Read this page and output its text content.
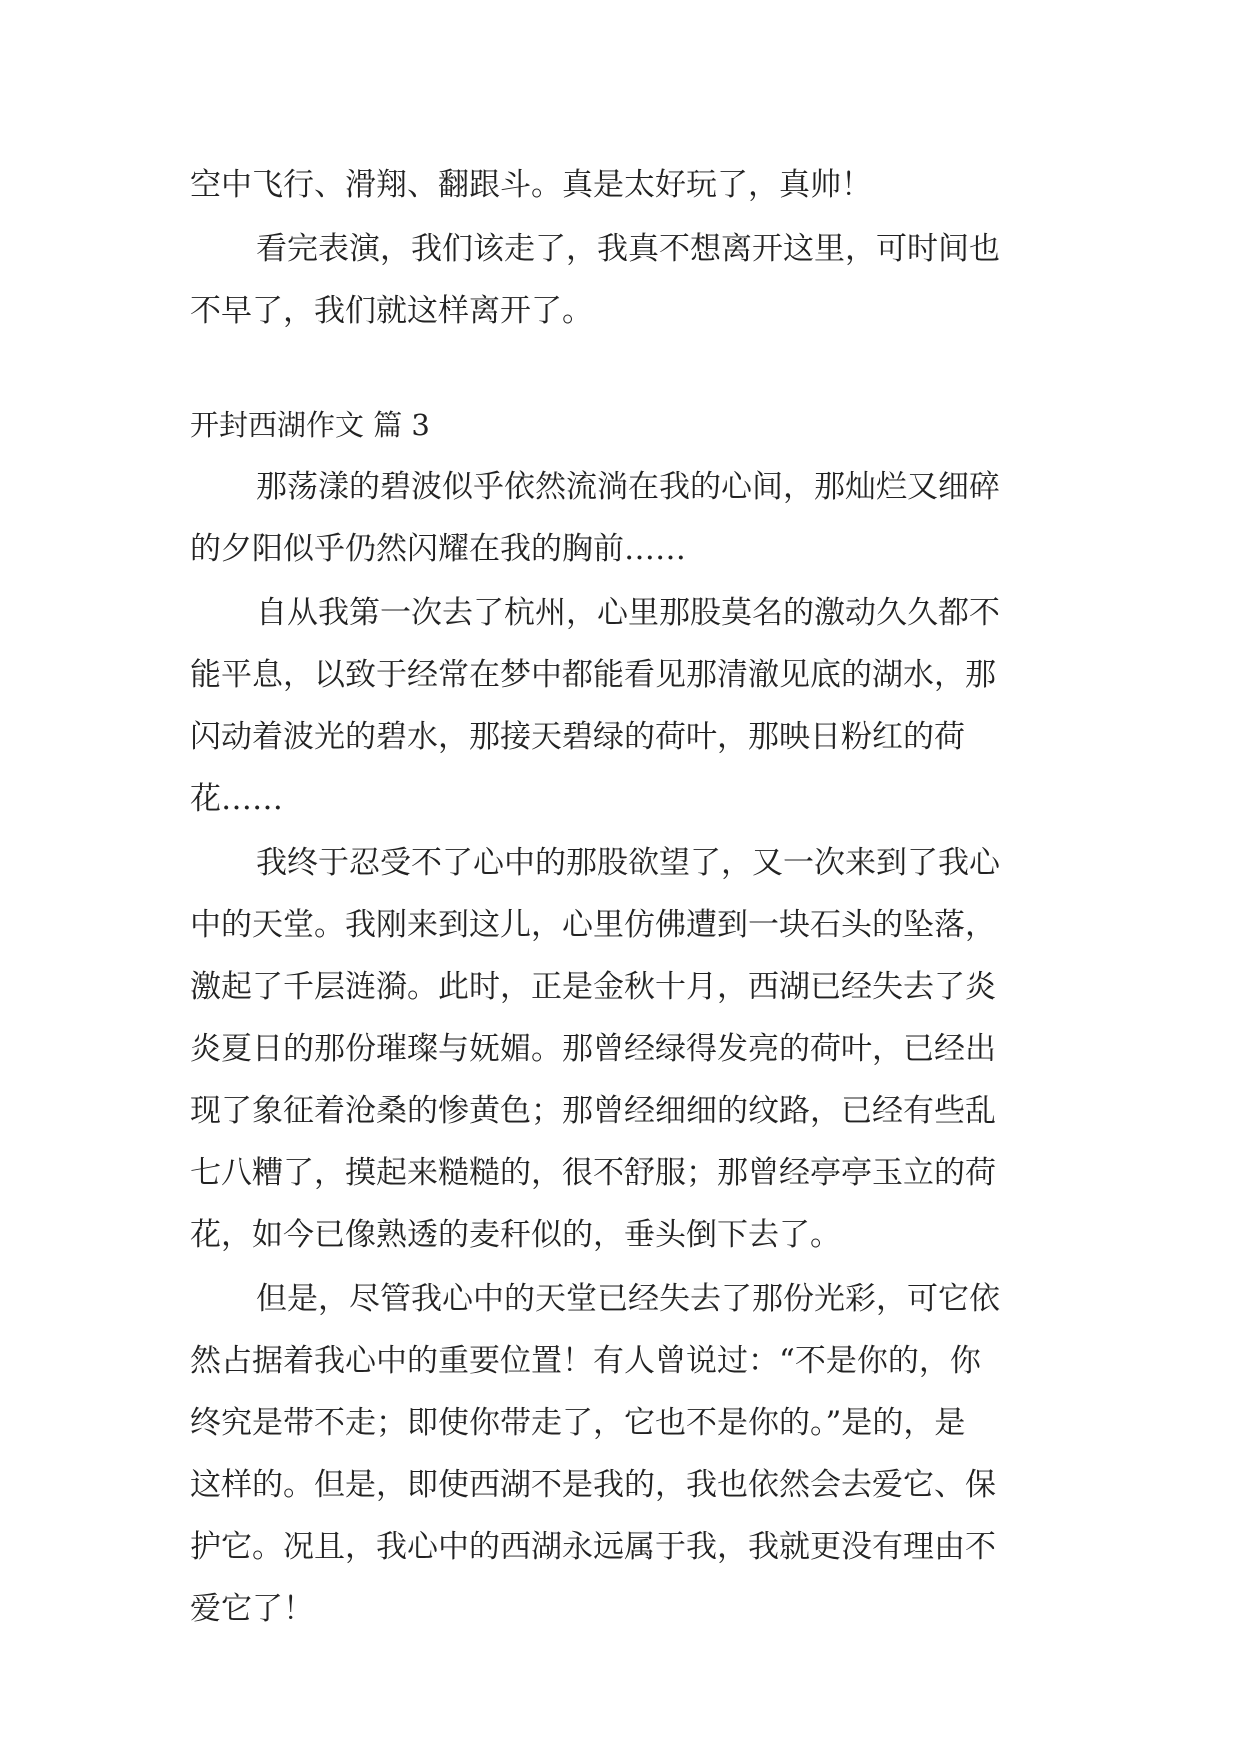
空中飞行、滑翔、翻跟斗。真是太好玩了，真帅！
看完表演，我们该走了，我真不想离开这里，可时间也
不早了，我们就这样离开了。
开封西湖作文 篇 3
那荡漾的碧波似乎依然流淌在我的心间，那灿烂又细碎
的夕阳似乎仍然闪耀在我的胸前……
自从我第一次去了杭州，心里那股莫名的激动久久都不
能平息，以致于经常在梦中都能看见那清澈见底的湖水，那
闪动着波光的碧水，那接天碧绿的荷叶，那映日粉红的荷
花……
我终于忍受不了心中的那股欲望了，又一次来到了我心
中的天堂。我刚来到这儿，心里仿佛遭到一块石头的坠落，
激起了千层涟漪。此时，正是金秋十月，西湖已经失去了炎
炎夏日的那份璀璨与妩媚。那曾经绿得发亮的荷叶，已经出
现了象征着沧桑的惨黄色；那曾经细细的纹路，已经有些乱
七八糟了，摸起来糙糙的，很不舒服；那曾经亭亭玉立的荷
花，如今已像熟透的麦秆似的，垂头倒下去了。
但是，尽管我心中的天堂已经失去了那份光彩，可它依
然占据着我心中的重要位置！有人曾说过：“不是你的，你
终究是带不走；即使你带走了，它也不是你的。”是的，是
这样的。但是，即使西湖不是我的，我也依然会去爱它、保
护它。况且，我心中的西湖永远属于我，我就更没有理由不
爱它了！
